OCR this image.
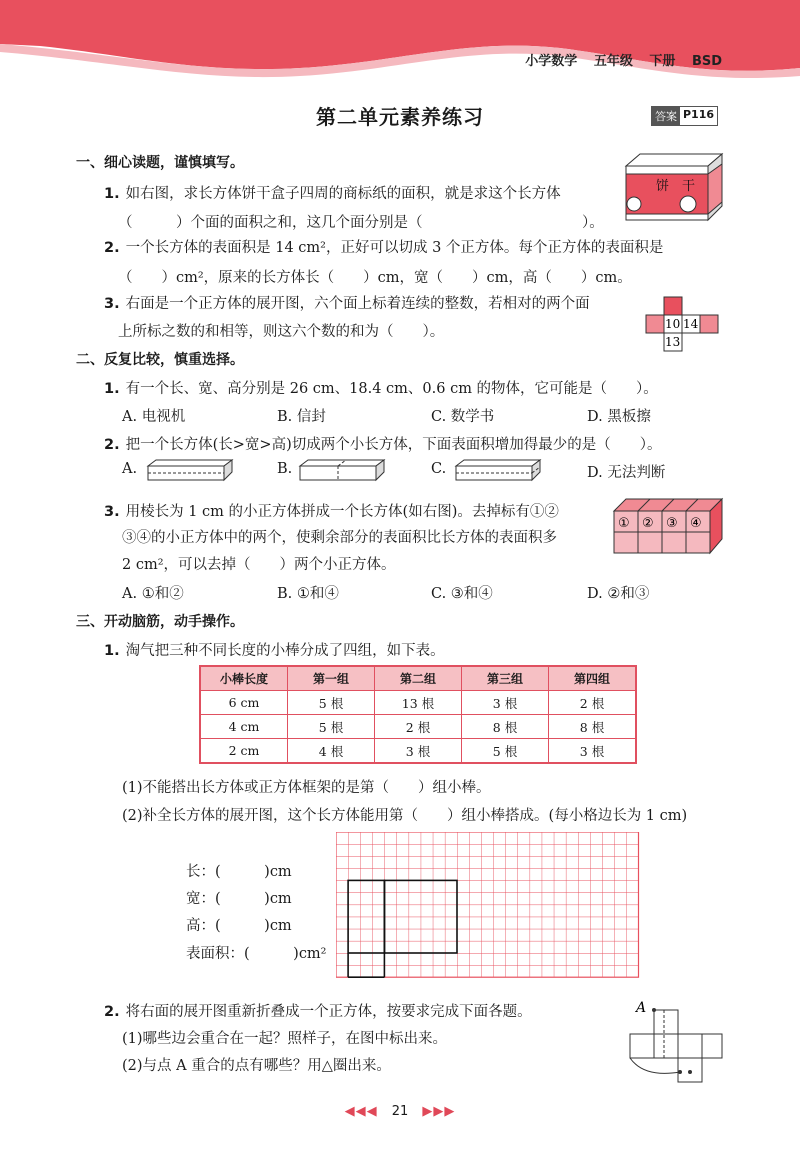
小学数学 五年级 下册 BSD
第二单元素养练习	答案 P116
一、细心读题，谨慎填写。
1. 如右图，求长方体饼干盒子四周的商标纸的面积，就是求这个长方体
（　　　）个面的面积之和，这几个面分别是（　　　　　　　　　　　）。
饼　干
2. 一个长方体的表面积是 14 cm²，正好可以切成 3 个正方体。每个正方体的表面积是
（　　）cm²，原来的长方体长（　　）cm，宽（　　）cm，高（　　）cm。
3. 右面是一个正方体的展开图，六个面上标着连续的整数，若相对的两个面
上所标之数的和相等，则这六个数的和为（　　）。	10 14
13
二、反复比较，慎重选择。
1. 有一个长、宽、高分别是 26 cm、18.4 cm、0.6 cm 的物体，它可能是（　　）。
A. 电视机	B. 信封	C. 数学书	D. 黑板擦
2. 把一个长方体(长>宽>高)切成两个小长方体，下面表面积增加得最少的是（　　）。
A.	B.	C.	D. 无法判断
3. 用棱长为 1 cm 的小正方体拼成一个长方体(如右图)。去掉标有①②
③④的小正方体中的两个，使剩余部分的表面积比长方体的表面积多
2 cm²，可以去掉（　　）两个小正方体。
① ② ③ ④
A. ①和②	B. ①和④	C. ③和④	D. ②和③
三、开动脑筋，动手操作。
1. 淘气把三种不同长度的小棒分成了四组，如下表。
小棒长度	第一组	第二组	第三组	第四组
6 cm	5 根	13 根	3 根	2 根
4 cm	5 根	2 根	8 根	8 根
2 cm	4 根	3 根	5 根	3 根
(1)不能搭出长方体或正方体框架的是第（　　）组小棒。
(2)补全长方体的展开图，这个长方体能用第（　　）组小棒搭成。(每小格边长为 1 cm)
长：(　　　)cm
宽：(　　　)cm
高：(　　　)cm
表面积：(　　　)cm²
2. 将右面的展开图重新折叠成一个正方体，按要求完成下面各题。
(1)哪些边会重合在一起？照样子，在图中标出来。
(2)与点 A 重合的点有哪些？用△圈出来。
A
◀◀◀ 21 ▶▶▶
